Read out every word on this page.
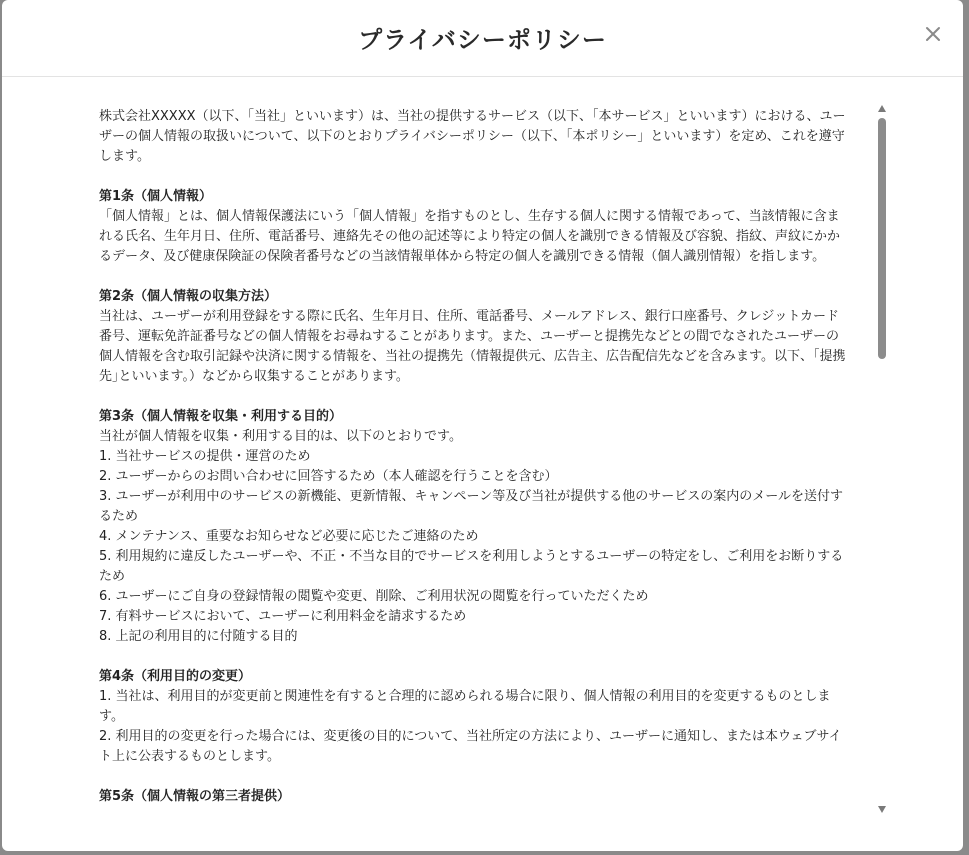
プライバシーポリシー

株式会社XXXXX（以下、「当社」といいます）は、当社の提供するサービス（以下、「本サービス」といいます）における、ユーザーの個人情報の取扱いについて、以下のとおりプライバシーポリシー（以下、「本ポリシー」といいます）を定め、これを遵守します。

第1条（個人情報）

「個人情報」とは、個人情報保護法にいう「個人情報」を指すものとし、生存する個人に関する情報であって、当該情報に含まれる氏名、生年月日、住所、電話番号、連絡先その他の記述等により特定の個人を識別できる情報及び容貌、指紋、声紋にかかるデータ、及び健康保険証の保険者番号などの当該情報単体から特定の個人を識別できる情報（個人識別情報）を指します。

第2条（個人情報の収集方法）

当社は、ユーザーが利用登録をする際に氏名、生年月日、住所、電話番号、メールアドレス、銀行口座番号、クレジットカード番号、運転免許証番号などの個人情報をお尋ねすることがあります。また、ユーザーと提携先などとの間でなされたユーザーの個人情報を含む取引記録や決済に関する情報を、当社の提携先（情報提供元、広告主、広告配信先などを含みます。以下、｢提携先｣といいます。）などから収集することがあります。

第3条（個人情報を収集・利用する目的）

当社が個人情報を収集・利用する目的は、以下のとおりです。

1. 当社サービスの提供・運営のため

2. ユーザーからのお問い合わせに回答するため（本人確認を行うことを含む）

3. ユーザーが利用中のサービスの新機能、更新情報、キャンペーン等及び当社が提供する他のサービスの案内のメールを送付するため

4. メンテナンス、重要なお知らせなど必要に応じたご連絡のため

5. 利用規約に違反したユーザーや、不正・不当な目的でサービスを利用しようとするユーザーの特定をし、ご利用をお断りするため

6. ユーザーにご自身の登録情報の閲覧や変更、削除、ご利用状況の閲覧を行っていただくため

7. 有料サービスにおいて、ユーザーに利用料金を請求するため

8. 上記の利用目的に付随する目的

第4条（利用目的の変更）

1. 当社は、利用目的が変更前と関連性を有すると合理的に認められる場合に限り、個人情報の利用目的を変更するものとします。

2. 利用目的の変更を行った場合には、変更後の目的について、当社所定の方法により、ユーザーに通知し、または本ウェブサイト上に公表するものとします。

第5条（個人情報の第三者提供）
